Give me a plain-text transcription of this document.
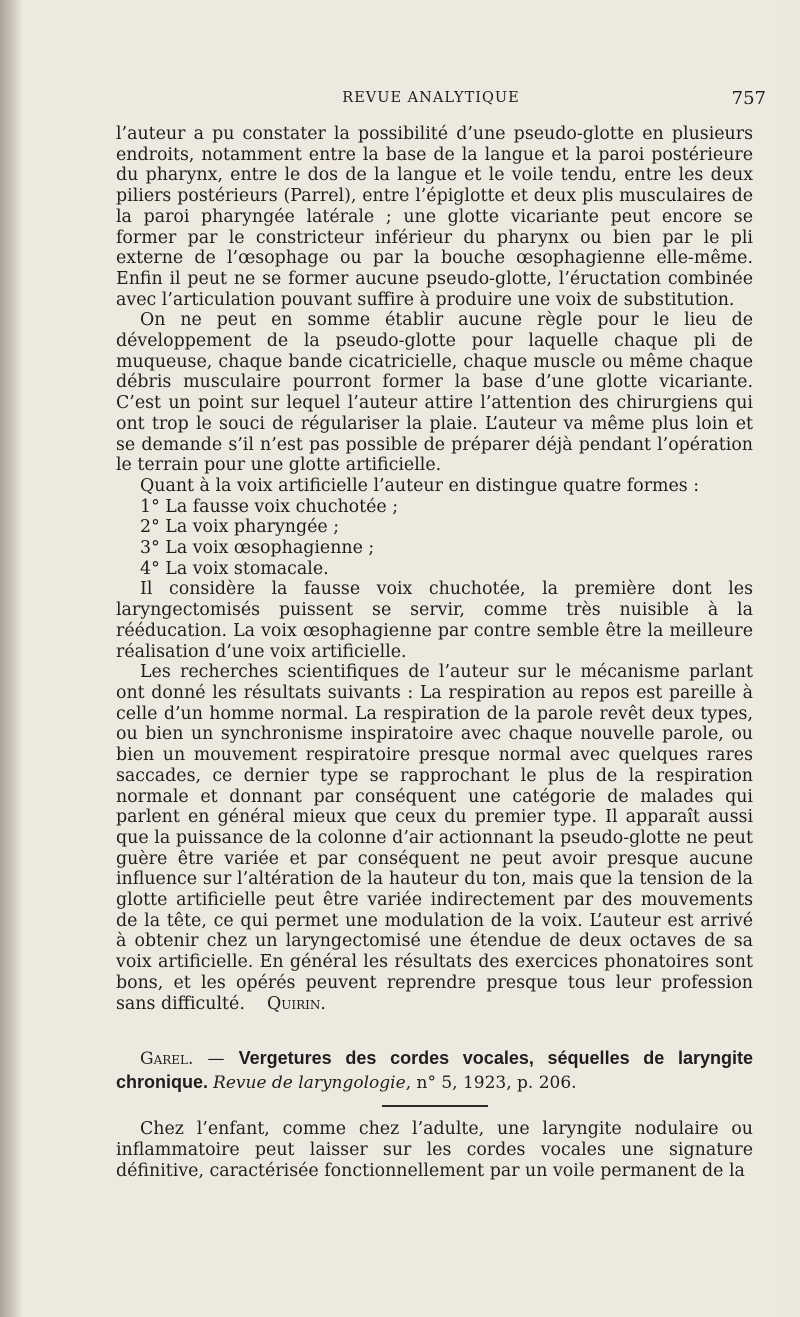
REVUE ANALYTIQUE	757

l’auteur a pu constater la possibilité d’une pseudo-glotte en plusieurs endroits, notamment entre la base de la langue et la paroi postérieure du pharynx, entre le dos de la langue et le voile tendu, entre les deux piliers postérieurs (Parrel), entre l’épiglotte et deux plis musculaires de la paroi pharyngée latérale ; une glotte vicariante peut encore se former par le constricteur inférieur du pharynx ou bien par le pli externe de l’œsophage ou par la bouche œsophagienne elle-même. Enfin il peut ne se former aucune pseudo-glotte, l’éructation combinée avec l’articulation pouvant suffire à produire une voix de substitution.

On ne peut en somme établir aucune règle pour le lieu de développement de la pseudo-glotte pour laquelle chaque pli de muqueuse, chaque bande cicatricielle, chaque muscle ou même chaque débris musculaire pourront former la base d’une glotte vicariante. C’est un point sur lequel l’auteur attire l’attention des chirurgiens qui ont trop le souci de régulariser la plaie. L’auteur va même plus loin et se demande s’il n’est pas possible de préparer déjà pendant l’opération le terrain pour une glotte artificielle.

Quant à la voix artificielle l’auteur en distingue quatre formes :

1° La fausse voix chuchotée ;

2° La voix pharyngée ;

3° La voix œsophagienne ;

4° La voix stomacale.

Il considère la fausse voix chuchotée, la première dont les laryngectomisés puissent se servir, comme très nuisible à la rééducation. La voix œsophagienne par contre semble être la meilleure réalisation d’une voix artificielle.

Les recherches scientifiques de l’auteur sur le mécanisme parlant ont donné les résultats suivants : La respiration au repos est pareille à celle d’un homme normal. La respiration de la parole revêt deux types, ou bien un synchronisme inspiratoire avec chaque nouvelle parole, ou bien un mouvement respiratoire presque normal avec quelques rares saccades, ce dernier type se rapprochant le plus de la respiration normale et donnant par conséquent une catégorie de malades qui parlent en général mieux que ceux du premier type. Il apparaît aussi que la puissance de la colonne d’air actionnant la pseudo-glotte ne peut guère être variée et par conséquent ne peut avoir presque aucune influence sur l’altération de la hauteur du ton, mais que la tension de la glotte artificielle peut être variée indirectement par des mouvements de la tête, ce qui permet une modulation de la voix. L’auteur est arrivé à obtenir chez un laryngectomisé une étendue de deux octaves de sa voix artificielle. En général les résultats des exercices phonatoires sont bons, et les opérés peuvent reprendre presque tous leur profession sans difficulté. Quirin.

Garel. — Vergetures des cordes vocales, séquelles de laryngite chronique. Revue de laryngologie, n° 5, 1923, p. 206.

Chez l’enfant, comme chez l’adulte, une laryngite nodulaire ou inflammatoire peut laisser sur les cordes vocales une signature définitive, caractérisée fonctionnellement par un voile permanent de la
